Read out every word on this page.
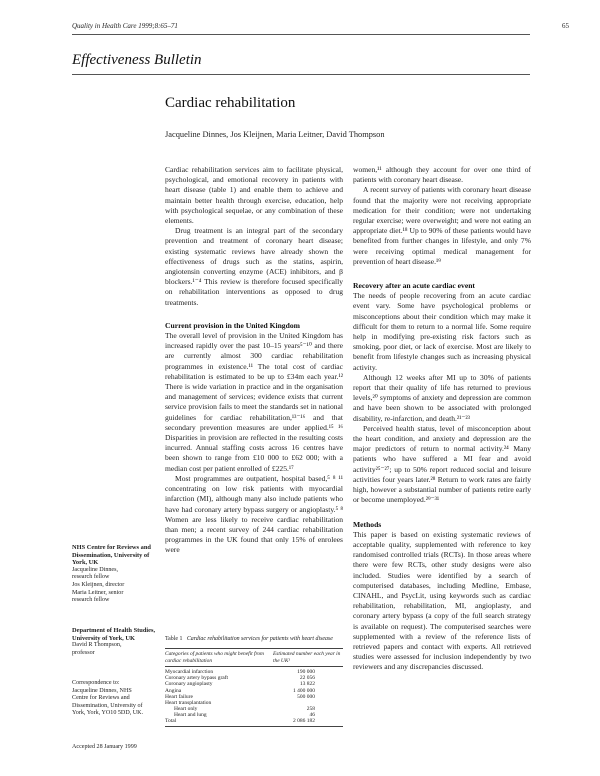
Quality in Health Care 1999;8:65–71	65
Effectiveness Bulletin
Cardiac rehabilitation
Jacqueline Dinnes, Jos Kleijnen, Maria Leitner, David Thompson

Cardiac rehabilitation services aim to facilitate physical, psychological, and emotional recovery in patients with heart disease (table 1) and enable them to achieve and maintain better health through exercise, education, help with psychological sequelae, or any combination of these elements.

Drug treatment is an integral part of the secondary prevention and treatment of coronary heart disease; existing systematic reviews have already shown the effectiveness of drugs such as the statins, aspirin, angiotensin converting enzyme (ACE) inhibitors, and β blockers.¹⁻⁴ This review is therefore focused specifically on rehabilitation interventions as opposed to drug treatments.

Current provision in the United Kingdom

The overall level of provision in the United Kingdom has increased rapidly over the past 10–15 years⁵⁻¹⁰ and there are currently almost 300 cardiac rehabilitation programmes in existence.¹¹ The total cost of cardiac rehabilitation is estimated to be up to £34m each year.¹² There is wide variation in practice and in the organisation and management of services; evidence exists that current service provision fails to meet the standards set in national guidelines for cardiac rehabilitation,¹³⁻¹⁶ and that secondary prevention measures are under applied.¹⁵ ¹⁶ Disparities in provision are reflected in the resulting costs incurred. Annual staffing costs across 16 centres have been shown to range from £10 000 to £62 000; with a median cost per patient enrolled of £225.¹⁷

Most programmes are outpatient, hospital based,⁵ ⁸ ¹¹ concentrating on low risk patients with myocardial infarction (MI), although many also include patients who have had coronary artery bypass surgery or angioplasty.⁵ ⁸ Women are less likely to receive cardiac rehabilitation than men; a recent survey of 244 cardiac rehabilitation programmes in the UK found that only 15% of enrolees were

women,¹¹ although they account for over one third of patients with coronary heart disease.

A recent survey of patients with coronary heart disease found that the majority were not receiving appropriate medication for their condition; were not undertaking regular exercise; were overweight; and were not eating an appropriate diet.¹⁸ Up to 90% of these patients would have benefited from further changes in lifestyle, and only 7% were receiving optimal medical management for prevention of heart disease.¹⁹

Recovery after an acute cardiac event

The needs of people recovering from an acute cardiac event vary. Some have psychological problems or misconceptions about their condition which may make it difficult for them to return to a normal life. Some require help in modifying pre-existing risk factors such as smoking, poor diet, or lack of exercise. Most are likely to benefit from lifestyle changes such as increasing physical activity.

Although 12 weeks after MI up to 30% of patients report that their quality of life has returned to previous levels,²⁰ symptoms of anxiety and depression are common and have been shown to be associated with prolonged disability, re-infarction, and death.²¹⁻²³

Perceived health status, level of misconception about the heart condition, and anxiety and depression are the major predictors of return to normal activity.²⁴ Many patients who have suffered a MI fear and avoid activity²⁵⁻²⁷; up to 50% report reduced social and leisure activities four years later.²⁸ Return to work rates are fairly high, however a substantial number of patients retire early or become unemployed.²⁹⁻³¹

Methods

This paper is based on existing systematic reviews of acceptable quality, supplemented with reference to key randomised controlled trials (RCTs). In those areas where there were few RCTs, other study designs were also included. Studies were identified by a search of computerised databases, including Medline, Embase, CINAHL, and PsycLit, using keywords such as cardiac rehabilitation, rehabilitation, MI, angioplasty, and coronary artery bypass (a copy of the full search strategy is available on request). The computerised searches were supplemented with a review of the reference lists of retrieved papers and contact with experts. All retrieved studies were assessed for inclusion independently by two reviewers and any discrepancies discussed.

NHS Centre for Reviews and Dissemination, University of York, UK
Jacqueline Dinnes,
research fellow
Jos Kleijnen, director
Maria Leitner, senior
research fellow
Department of Health Studies, University of York, UK
David R Thompson,
professor
Correspondence to:
Jacqueline Dinnes, NHS
Centre for Reviews and
Dissemination, University of
York, York, YO10 5DD, UK.
Accepted 28 January 1999
Table 1 Cardiac rehabilitation services for patients with heart disease
Categories of patients who might benefit from cardiac rehabilitation	Estimated number each year in the UK¹
Myocardial infarction	190 000
Coronary artery bypass graft	22 056
Coronary angioplasty	13 822
Angina	1 400 000
Heart failure	500 000
Heart transplantation	
Heart only	258
Heart and lung	46
Total	2 086 182
